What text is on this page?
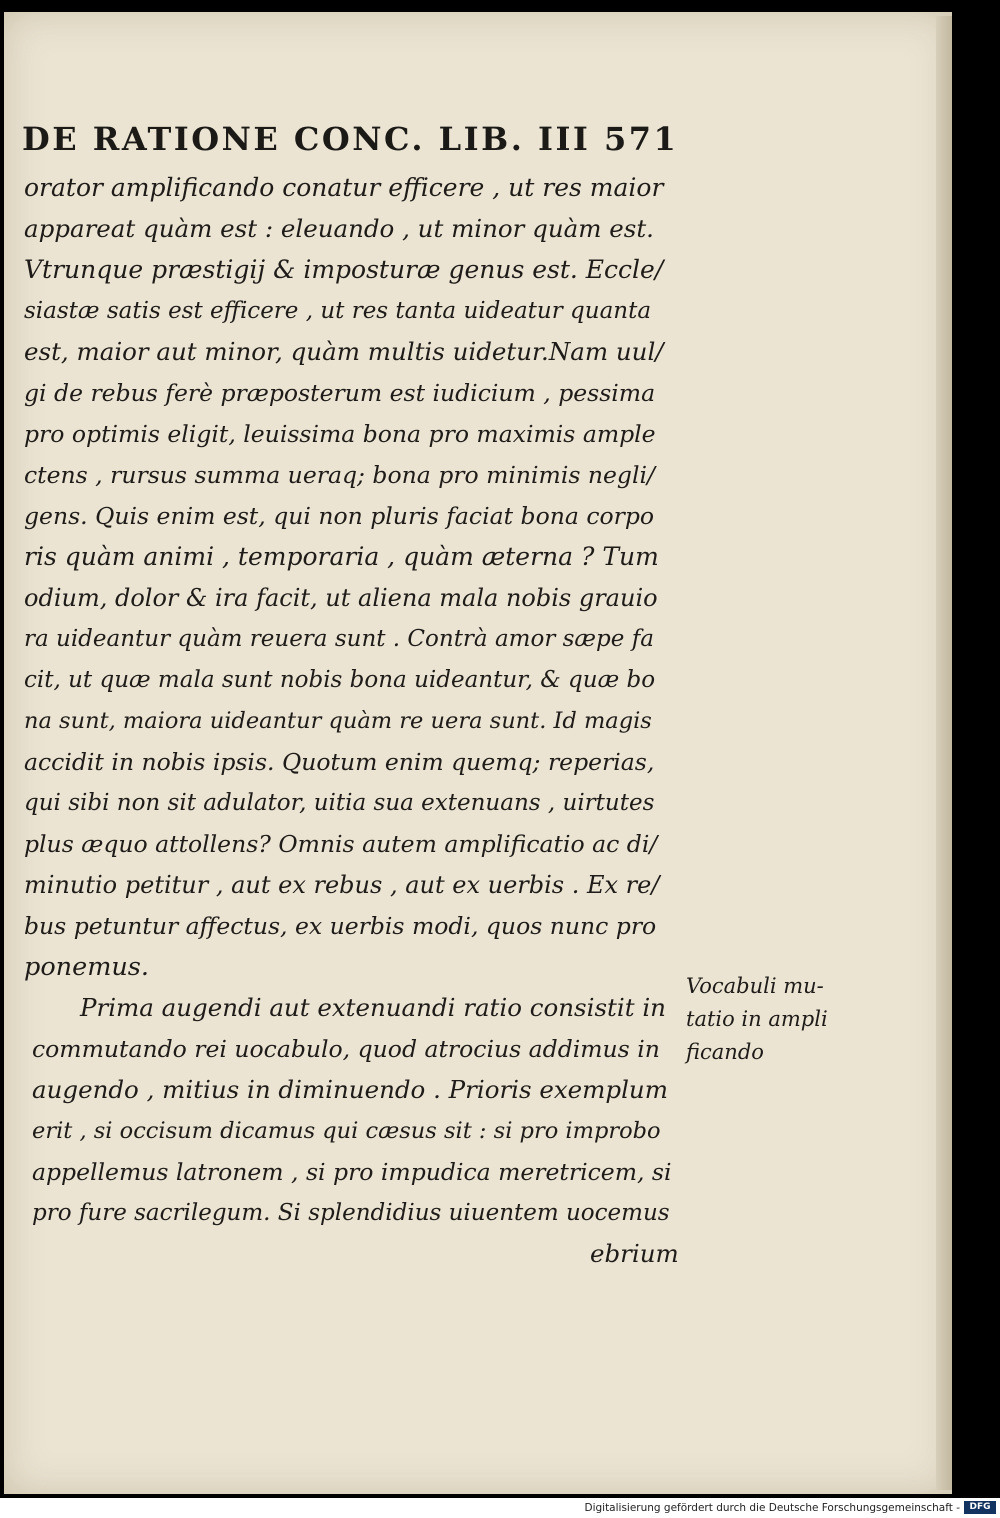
DE RATIONE CONC. LIB. III 571
orator amplificando conatur efficere , ut res maior
appareat quàm est : eleuando , ut minor quàm est.
Vtrunque præstigij & imposturæ genus est. Eccle/
siastæ satis est efficere , ut res tanta uideatur quanta
est, maior aut minor, quàm multis uidetur.Nam uul/
gi de rebus ferè præposterum est iudicium , pessima
pro optimis eligit, leuissima bona pro maximis ample
ctens , rursus summa ueraq; bona pro minimis negli/
gens. Quis enim est, qui non pluris faciat bona corpo
ris quàm animi , temporaria , quàm æterna ? Tum
odium, dolor & ira facit, ut aliena mala nobis grauio
ra uideantur quàm reuera sunt . Contrà amor sæpe fa
cit, ut quæ mala sunt nobis bona uideantur, & quæ bo
na sunt, maiora uideantur quàm re uera sunt. Id magis
accidit in nobis ipsis. Quotum enim quemq; reperias,
qui sibi non sit adulator, uitia sua extenuans , uirtutes
plus æquo attollens? Omnis autem amplificatio ac di/
minutio petitur , aut ex rebus , aut ex uerbis . Ex re/
bus petuntur affectus, ex uerbis modi, quos nunc pro
ponemus.
Prima augendi aut extenuandi ratio consistit in
commutando rei uocabulo, quod atrocius addimus in
augendo , mitius in diminuendo . Prioris exemplum
erit , si occisum dicamus qui cæsus sit : si pro improbo
appellemus latronem , si pro impudica meretricem, si
pro fure sacrilegum. Si splendidius uiuentem uocemus
ebrium
Vocabuli mu-
tatio in ampli
ficando
Digitalisierung gefördert durch die Deutsche Forschungsgemeinschaft -	DFG
